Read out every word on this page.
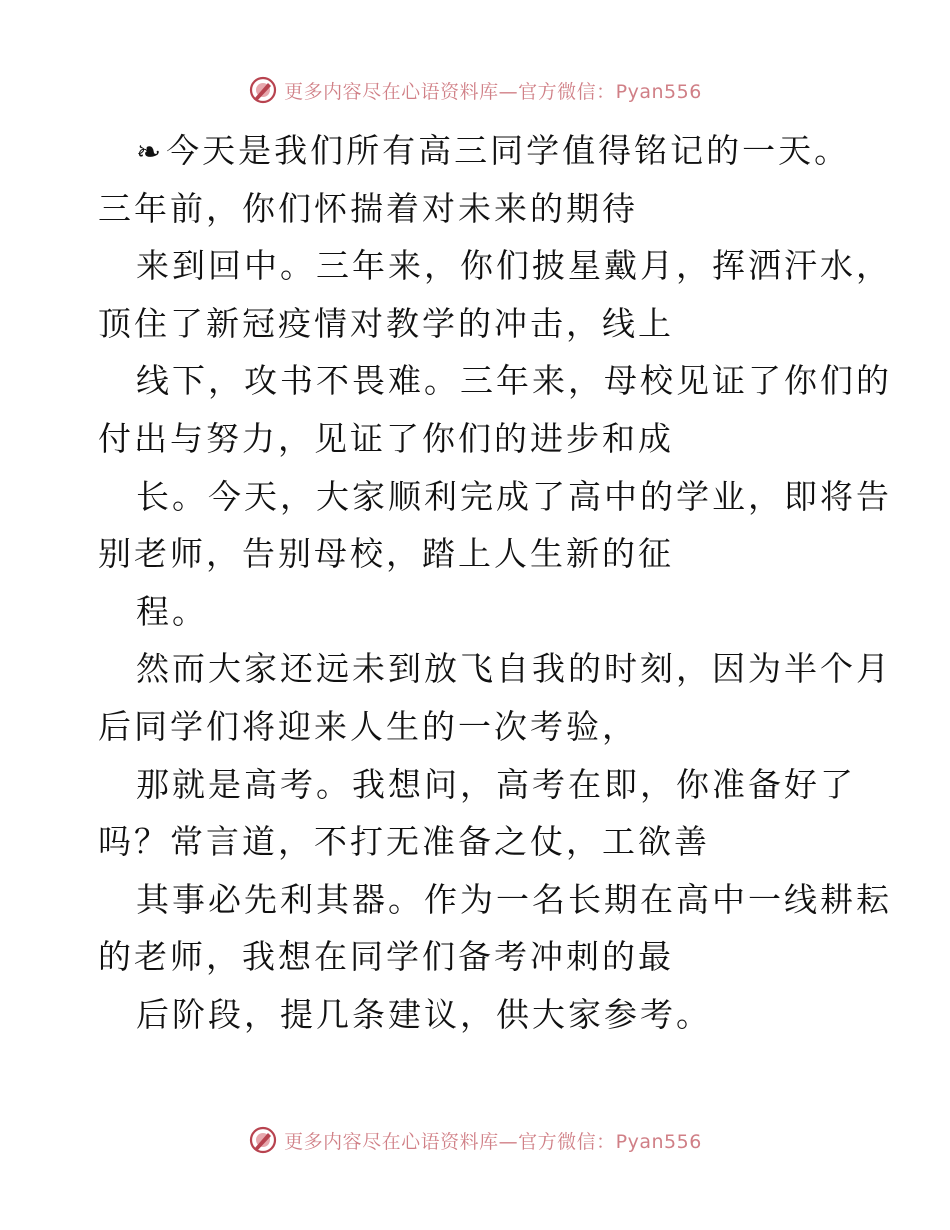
更多内容尽在心语资料库—官方微信：Pyan556
❧今天是我们所有高三同学值得铭记的一天。
三年前，你们怀揣着对未来的期待
来到回中。三年来，你们披星戴月，挥洒汗水，
顶住了新冠疫情对教学的冲击，线上
线下，攻书不畏难。三年来，母校见证了你们的
付出与努力，见证了你们的进步和成
长。今天，大家顺利完成了高中的学业，即将告
别老师，告别母校，踏上人生新的征
程。
然而大家还远未到放飞自我的时刻，因为半个月
后同学们将迎来人生的一次考验，
那就是高考。我想问，高考在即，你准备好了
吗？常言道，不打无准备之仗，工欲善
其事必先利其器。作为一名长期在高中一线耕耘
的老师，我想在同学们备考冲刺的最
后阶段，提几条建议，供大家参考。
更多内容尽在心语资料库—官方微信：Pyan556
